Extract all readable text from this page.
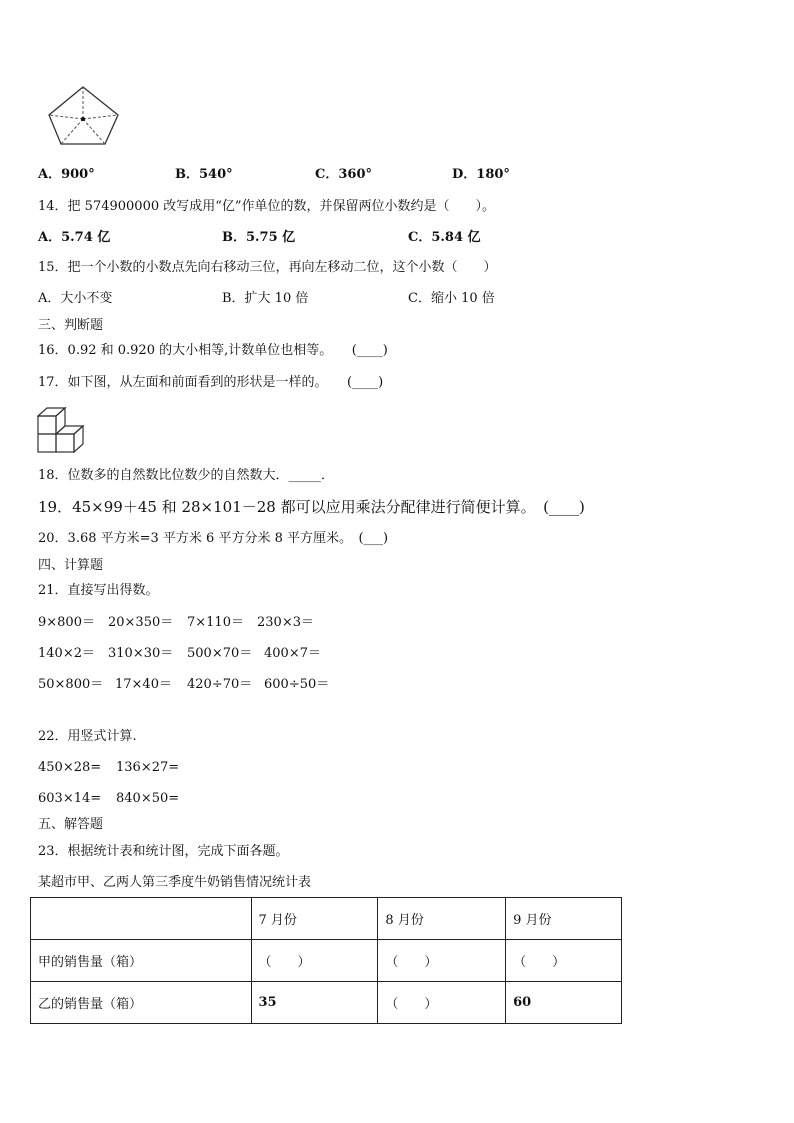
A．900°	B．540°	C．360°	D．180°
14．把 574900000 改写成用“亿”作单位的数，并保留两位小数约是（　　）。
A．5.74 亿	B．5.75 亿	C．5.84 亿
15．把一个小数的小数点先向右移动三位，再向左移动二位，这个小数（　　）
A．大小不变	B．扩大 10 倍	C．缩小 10 倍
三、判断题
16．0.92 和 0.920 的大小相等,计数单位也相等。　　(____)
17．如下图，从左面和前面看到的形状是一样的。　　(____)
18．位数多的自然数比位数少的自然数大．_____．
19．45×99＋45 和 28×101－28 都可以应用乘法分配律进行简便计算。　(____)
20．3.68 平方米=3 平方米 6 平方分米 8 平方厘米。　(___)
四、计算题
21．直接写出得数。
9×800＝ 20×350＝ 7×110＝ 230×3＝
140×2＝ 310×30＝ 500×70＝ 400×7＝
50×800＝ 17×40＝ 420÷70＝ 600÷50＝
22．用竖式计算.
450×28= 136×27=
603×14= 840×50=
五、解答题
23．根据统计表和统计图，完成下面各题。
某超市甲、乙两人第三季度牛奶销售情况统计表
	7 月份	8 月份	9 月份
甲的销售量（箱）	（　　）	（　　）	（　　）
乙的销售量（箱）	35	（　　）	60
